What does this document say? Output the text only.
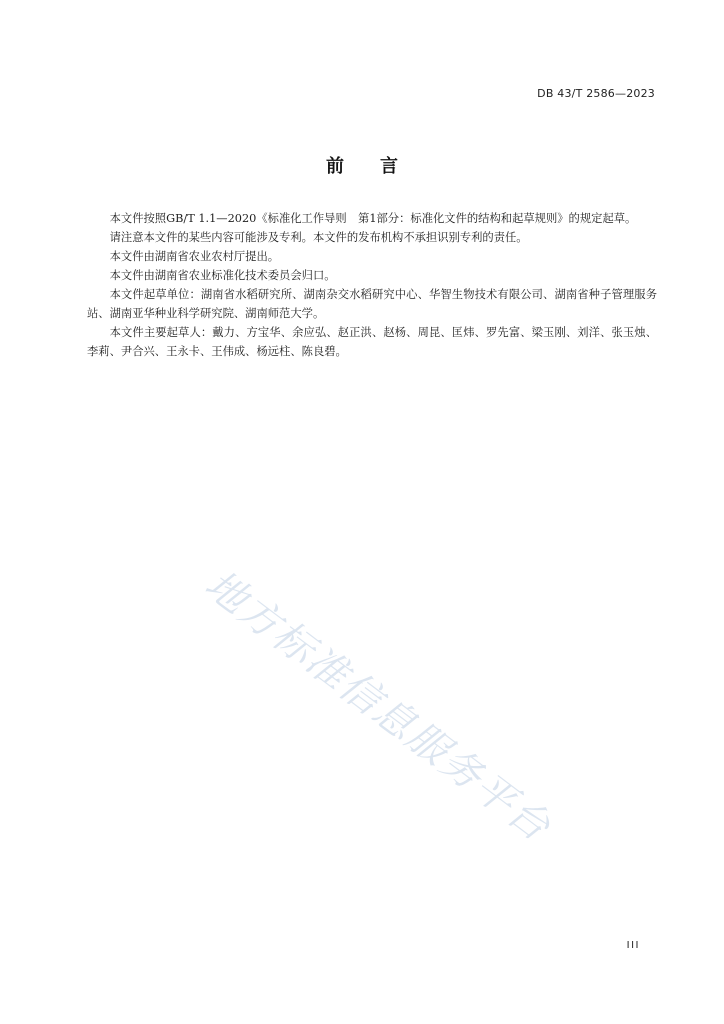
DB 43/T 2586—2023
前言

本文件按照GB/T 1.1—2020《标准化工作导则　第1部分：标准化文件的结构和起草规则》的规定起草。

请注意本文件的某些内容可能涉及专利。本文件的发布机构不承担识别专利的责任。

本文件由湖南省农业农村厅提出。

本文件由湖南省农业标准化技术委员会归口。

本文件起草单位：湖南省水稻研究所、湖南杂交水稻研究中心、华智生物技术有限公司、湖南省种子管理服务站、湖南亚华种业科学研究院、湖南师范大学。

本文件主要起草人：戴力、方宝华、余应弘、赵正洪、赵杨、周昆、匡炜、罗先富、梁玉刚、刘洋、张玉烛、李莉、尹合兴、王永卡、王伟成、杨远柱、陈良碧。

地方标准信息服务平台
III
